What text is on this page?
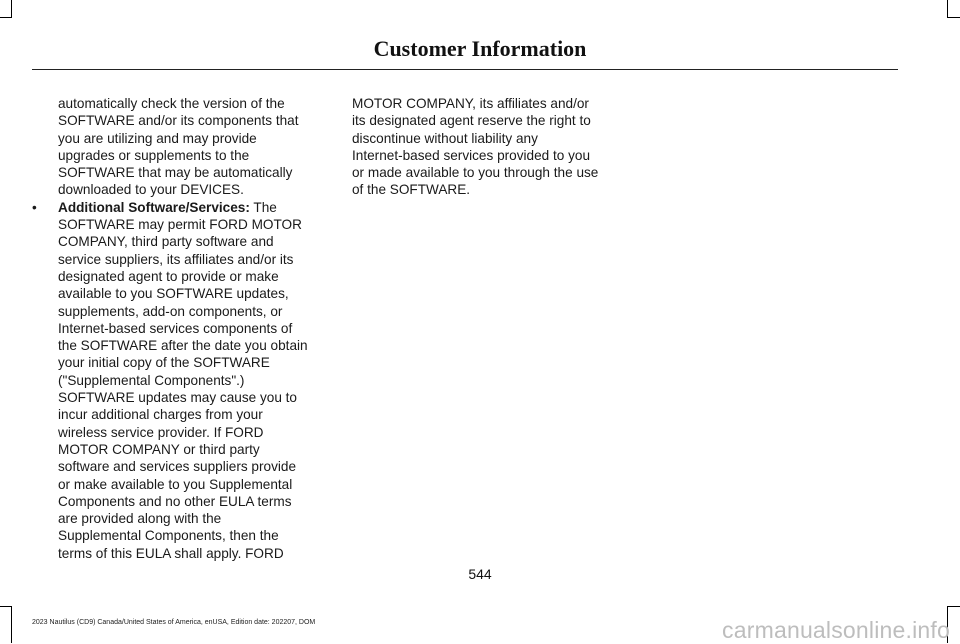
Customer Information

automatically check the version of the
SOFTWARE and/or its components that
you are utilizing and may provide
upgrades or supplements to the
SOFTWARE that may be automatically
downloaded to your DEVICES.

• Additional Software/Services: The
SOFTWARE may permit FORD MOTOR
COMPANY, third party software and
service suppliers, its affiliates and/or its
designated agent to provide or make
available to you SOFTWARE updates,
supplements, add-on components, or
Internet-based services components of
the SOFTWARE after the date you obtain
your initial copy of the SOFTWARE
("Supplemental Components".)
SOFTWARE updates may cause you to
incur additional charges from your
wireless service provider. If FORD
MOTOR COMPANY or third party
software and services suppliers provide
or make available to you Supplemental
Components and no other EULA terms
are provided along with the
Supplemental Components, then the
terms of this EULA shall apply. FORD

MOTOR COMPANY, its affiliates and/or
its designated agent reserve the right to
discontinue without liability any
Internet-based services provided to you
or made available to you through the use
of the SOFTWARE.

544
2023 Nautilus (CD9) Canada/United States of America, enUSA, Edition date: 202207, DOM	carmanualsonline.info
